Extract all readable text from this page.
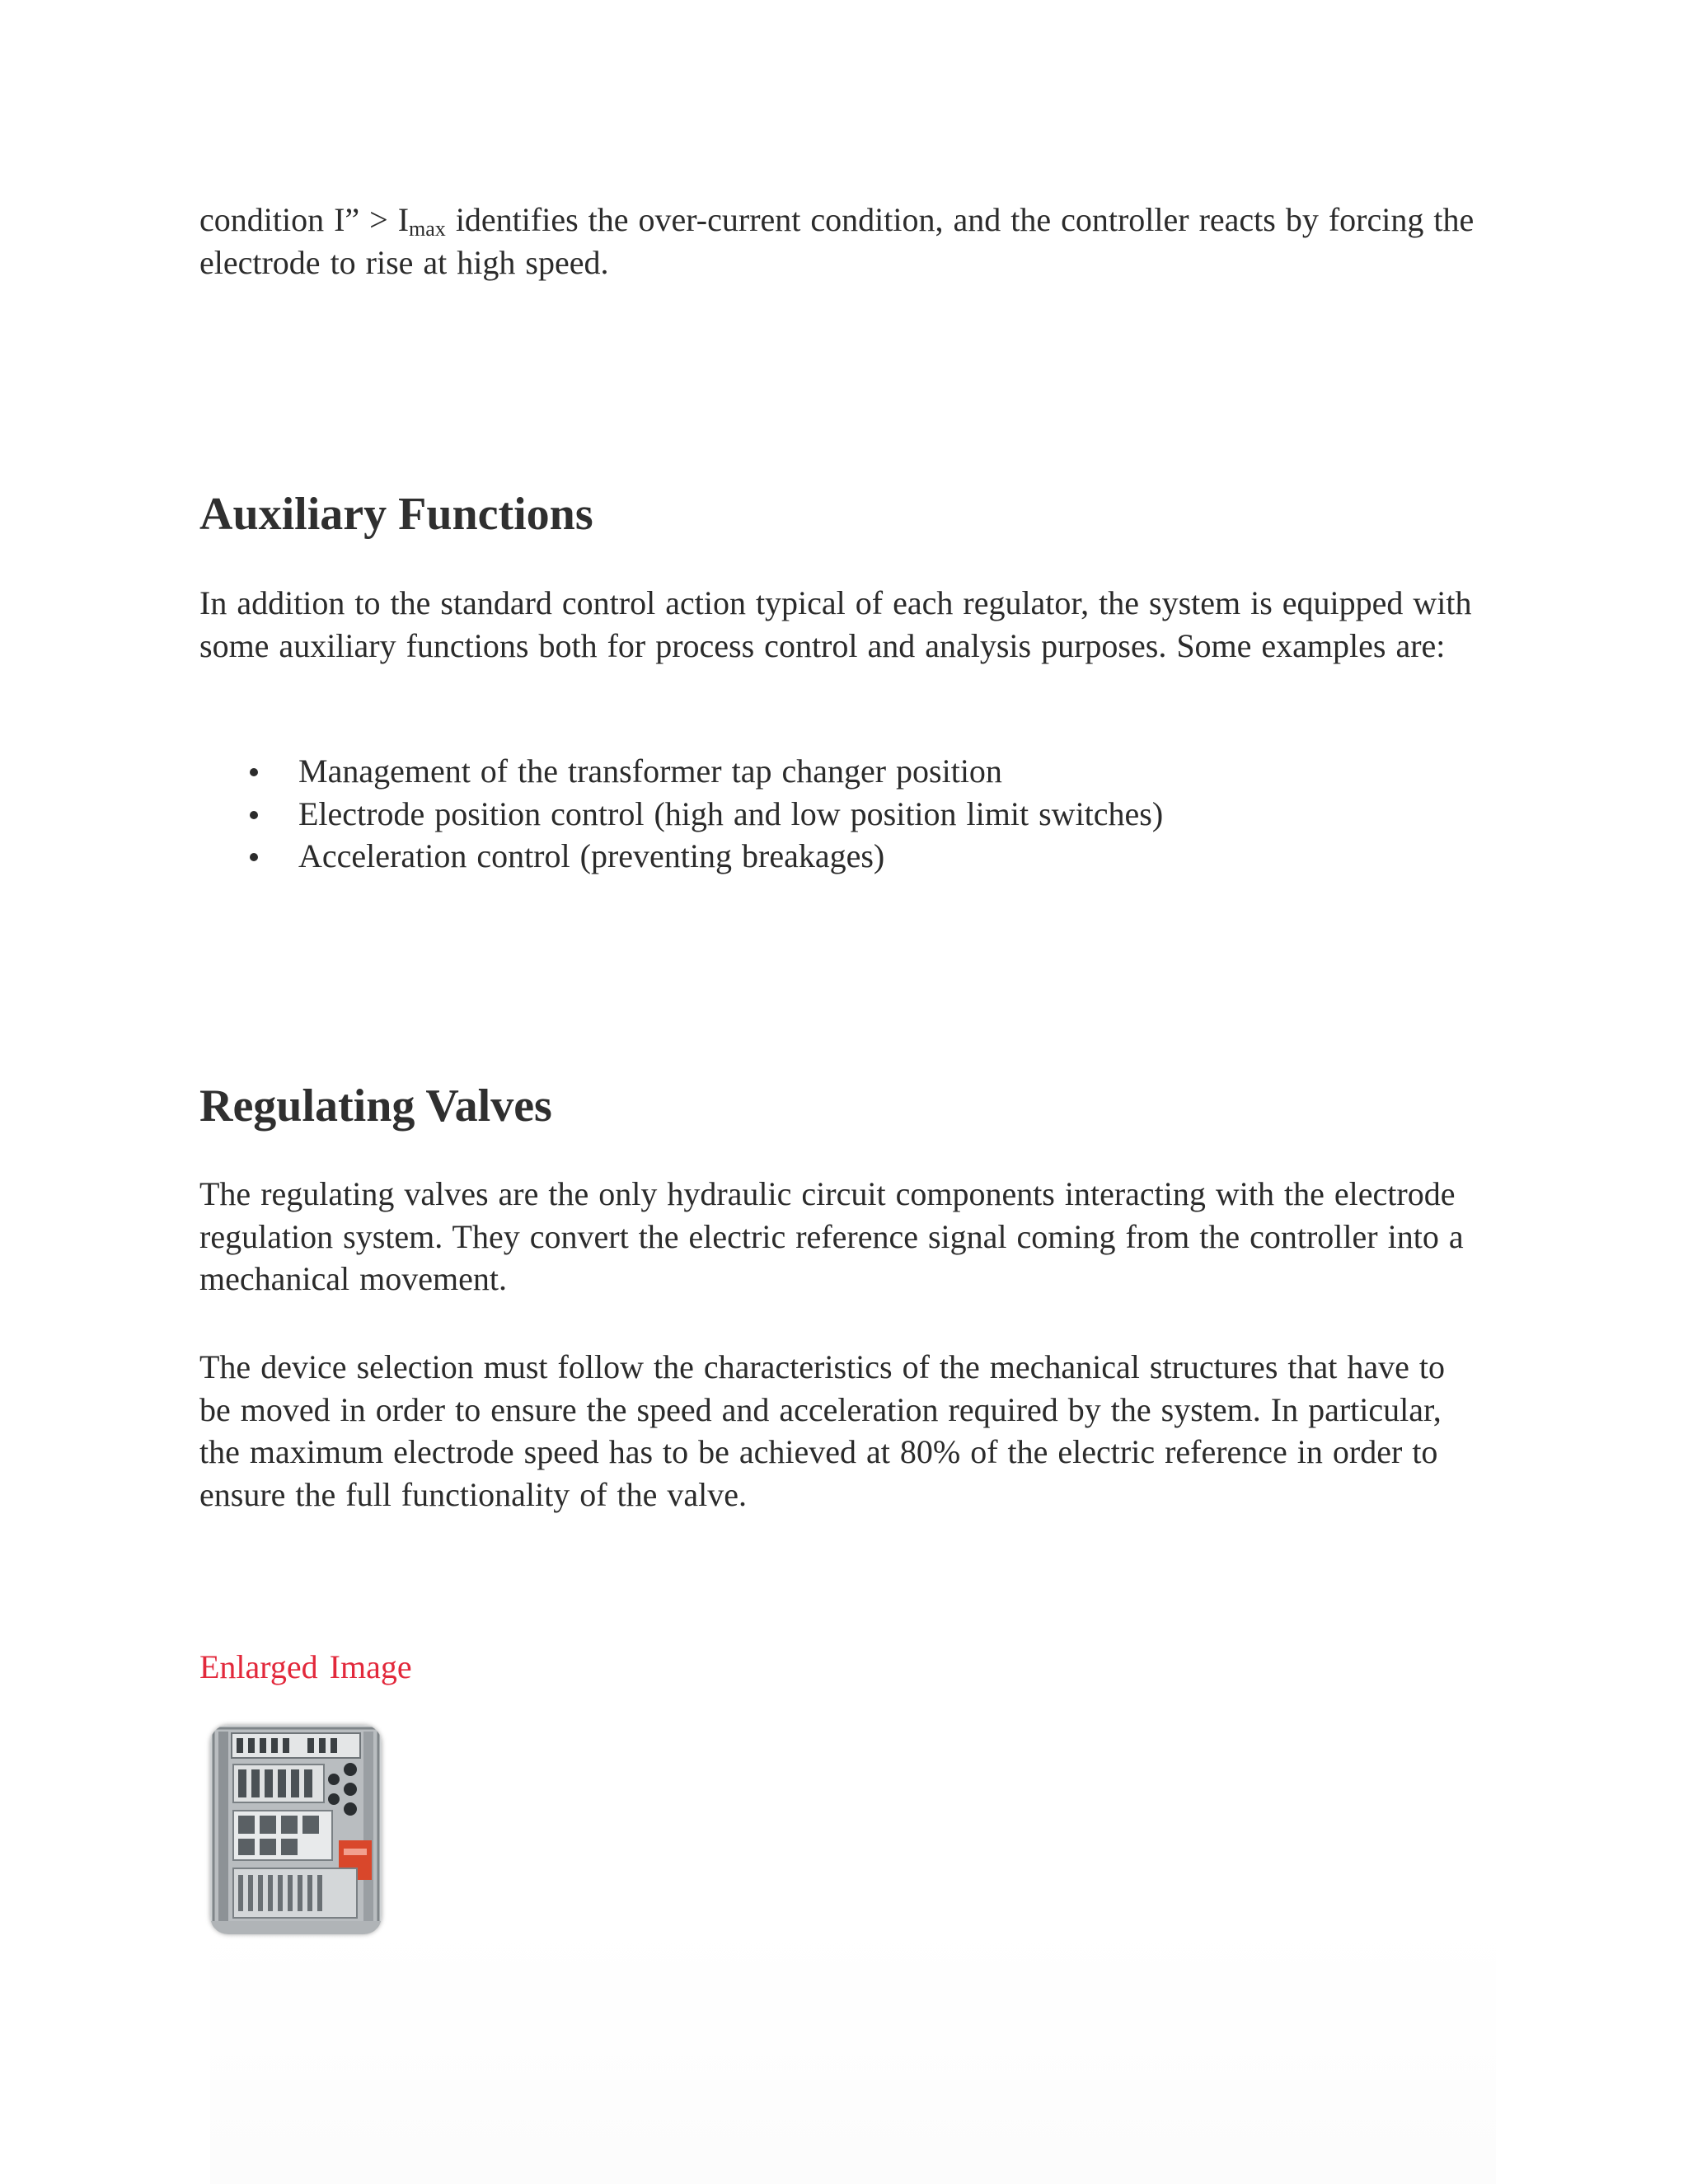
condition I” > $I_{max}$ identifies the over-current condition, and the controller reacts by forcing the electrode to rise at high speed.

Auxiliary Functions

In addition to the standard control action typical of each regulator, the system is equipped with some auxiliary functions both for process control and analysis purposes. Some examples are:

Management of the transformer tap changer position
Electrode position control (high and low position limit switches)
Acceleration control (preventing breakages)
Regulating Valves

The regulating valves are the only hydraulic circuit components interacting with the electrode regulation system. They convert the electric reference signal coming from the controller into a mechanical movement.

The device selection must follow the characteristics of the mechanical structures that have to be moved in order to ensure the speed and acceleration required by the system. In particular, the maximum electrode speed has to be achieved at 80% of the electric reference in order to ensure the full functionality of the valve.

Enlarged Image
